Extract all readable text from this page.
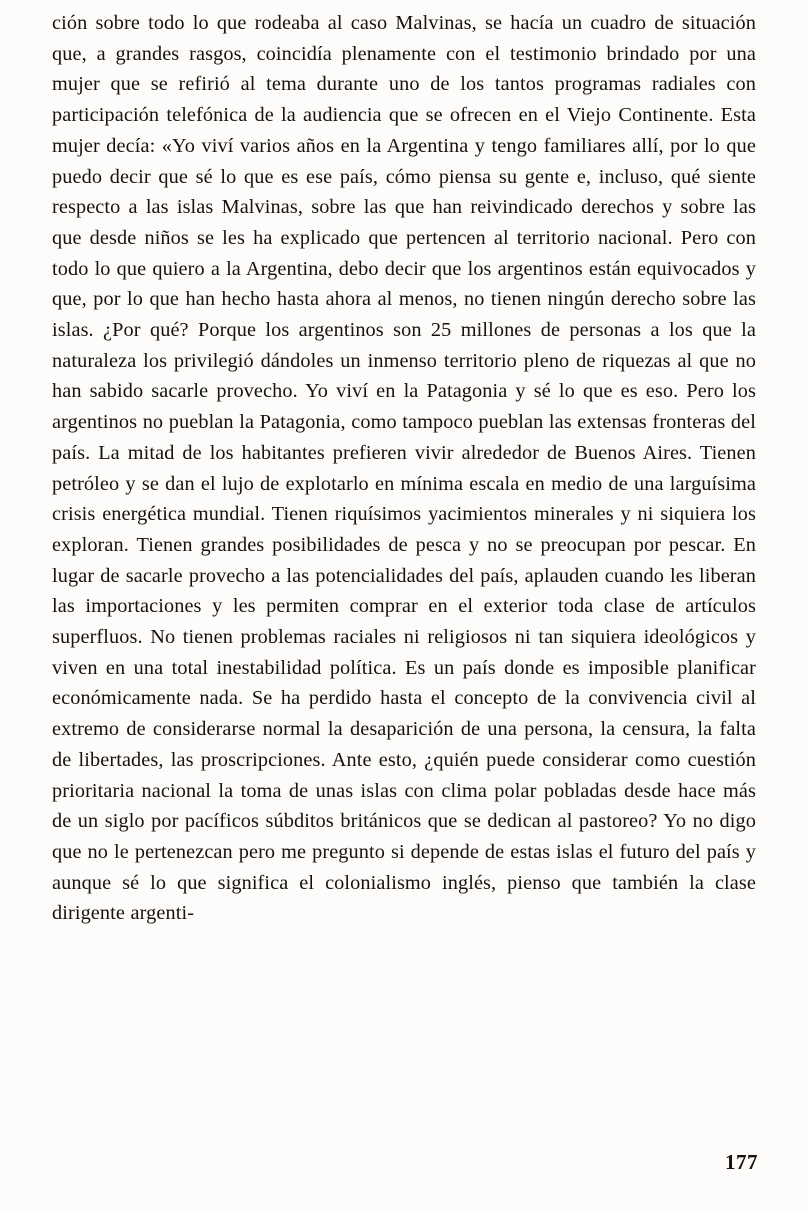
ción sobre todo lo que rodeaba al caso Malvinas, se hacía un cuadro de situación que, a grandes rasgos, coincidía plenamente con el testimonio brindado por una mujer que se refirió al tema durante uno de los tantos programas radiales con participación telefónica de la audiencia que se ofrecen en el Viejo Continente. Esta mujer decía: «Yo viví varios años en la Argentina y tengo familiares allí, por lo que puedo decir que sé lo que es ese país, cómo piensa su gente e, incluso, qué siente respecto a las islas Malvinas, sobre las que han reivindicado derechos y sobre las que desde niños se les ha explicado que pertencen al territorio nacional. Pero con todo lo que quiero a la Argentina, debo decir que los argentinos están equivocados y que, por lo que han hecho hasta ahora al menos, no tienen ningún derecho sobre las islas. ¿Por qué? Porque los argentinos son 25 millones de personas a los que la naturaleza los privilegió dándoles un inmenso territorio pleno de riquezas al que no han sabido sacarle provecho. Yo viví en la Patagonia y sé lo que es eso. Pero los argentinos no pueblan la Patagonia, como tampoco pueblan las extensas fronteras del país. La mitad de los habitantes prefieren vivir alrededor de Buenos Aires. Tienen petróleo y se dan el lujo de explotarlo en mínima escala en medio de una larguísima crisis energética mundial. Tienen riquísimos yacimientos minerales y ni siquiera los exploran. Tienen grandes posibilidades de pesca y no se preocupan por pescar. En lugar de sacarle provecho a las potencialidades del país, aplauden cuando les liberan las importaciones y les permiten comprar en el exterior toda clase de artículos superfluos. No tienen problemas raciales ni religiosos ni tan siquiera ideológicos y viven en una total inestabilidad política. Es un país donde es imposible planificar económicamente nada. Se ha perdido hasta el concepto de la convivencia civil al extremo de considerarse normal la desaparición de una persona, la censura, la falta de libertades, las proscripciones. Ante esto, ¿quién puede considerar como cuestión prioritaria nacional la toma de unas islas con clima polar pobladas desde hace más de un siglo por pacíficos súbditos británicos que se dedican al pastoreo? Yo no digo que no le pertenezcan pero me pregunto si depende de estas islas el futuro del país y aunque sé lo que significa el colonialismo inglés, pienso que también la clase dirigente argenti-

177
